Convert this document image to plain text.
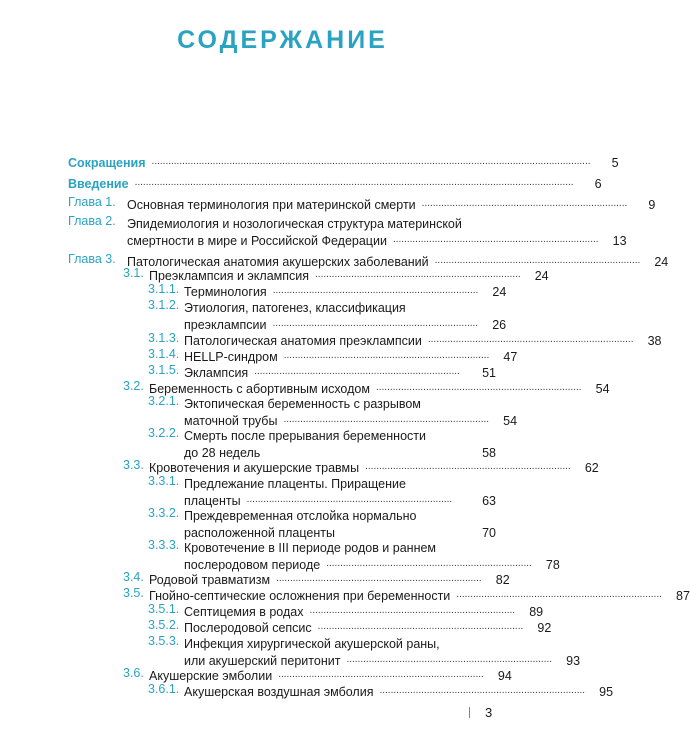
СОДЕРЖАНИЕ
Сокращения ..............................................................................................................................................................	5
Введение ..............................................................................................................................................................	6
Глава 1. Основная терминология при материнской смерти ..........................................................................	9
Глава 2. Эпидемиология и нозологическая структура материнской
смертности в мире и Российской Федерации ..........................................................................	13
Глава 3. Патологическая анатомия акушерских заболеваний ..........................................................................	24
3.1. Преэклампсия и эклампсия ..........................................................................	24
3.1.1. Терминология ..........................................................................	24
3.1.2. Этиология, патогенез, классификация
преэклампсии ..........................................................................	26
3.1.3. Патологическая анатомия преэклампсии ..........................................................................	38
3.1.4. HELLP-синдром ..........................................................................	47
3.1.5. Эклампсия ..........................................................................	51
3.2. Беременность с абортивным исходом ..........................................................................	54
3.2.1. Эктопическая беременность с разрывом
маточной трубы ..........................................................................	54
3.2.2. Смерть после прерывания беременности
до 28 недель	58
3.3. Кровотечения и акушерские травмы ..........................................................................	62
3.3.1. Предлежание плаценты. Приращение
плаценты ..........................................................................	63
3.3.2. Преждевременная отслойка нормально
расположенной плаценты	70
3.3.3. Кровотечение в III периоде родов и раннем
послеродовом периоде ..........................................................................	78
3.4. Родовой травматизм ..........................................................................	82
3.5. Гнойно-септические осложнения при беременности ..........................................................................	87
3.5.1. Септицемия в родах ..........................................................................	89
3.5.2. Послеродовой сепсис ..........................................................................	92
3.5.3. Инфекция хирургической акушерской раны,
или акушерский перитонит ..........................................................................	93
3.6. Акушерские эмболии ..........................................................................	94
3.6.1. Акушерская воздушная эмболия ..........................................................................	95
3
